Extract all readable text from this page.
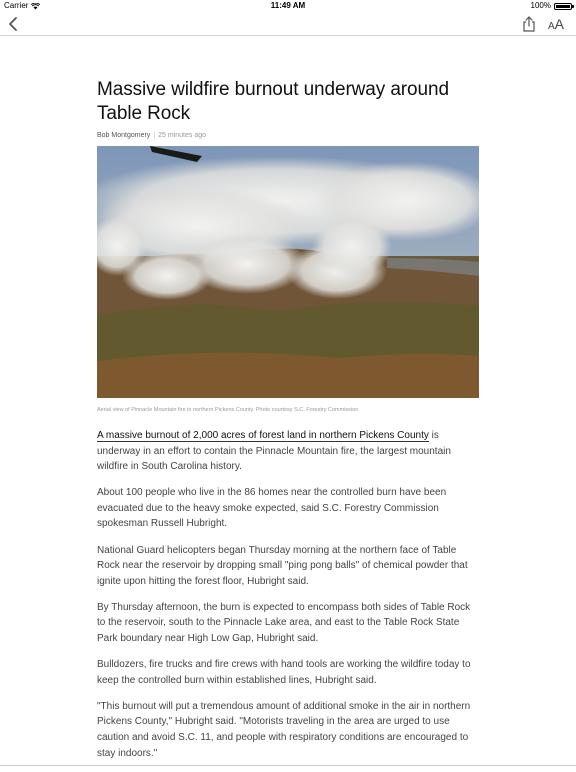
Carrier	11:49 AM	100%
AA
Massive wildfire burnout underway around Table Rock
Bob Montgomery | 25 minutes ago
Aerial view of Pinnacle Mountain fire in northern Pickens County. Photo courtesy S.C. Forestry Commission

A massive burnout of 2,000 acres of forest land in northern Pickens County is underway in an effort to contain the Pinnacle Mountain fire, the largest mountain wildfire in South Carolina history.

About 100 people who live in the 86 homes near the controlled burn have been evacuated due to the heavy smoke expected, said S.C. Forestry Commission spokesman Russell Hubright.

National Guard helicopters began Thursday morning at the northern face of Table Rock near the reservoir by dropping small "ping pong balls" of chemical powder that ignite upon hitting the forest floor, Hubright said.

By Thursday afternoon, the burn is expected to encompass both sides of Table Rock to the reservoir, south to the Pinnacle Lake area, and east to the Table Rock State Park boundary near High Low Gap, Hubright said.

Bulldozers, fire trucks and fire crews with hand tools are working the wildfire today to keep the controlled burn within established lines, Hubright said.

"This burnout will put a tremendous amount of additional smoke in the air in northern Pickens County," Hubright said. "Motorists traveling in the area are urged to use caution and avoid S.C. 11, and people with respiratory conditions are encouraged to stay indoors."
